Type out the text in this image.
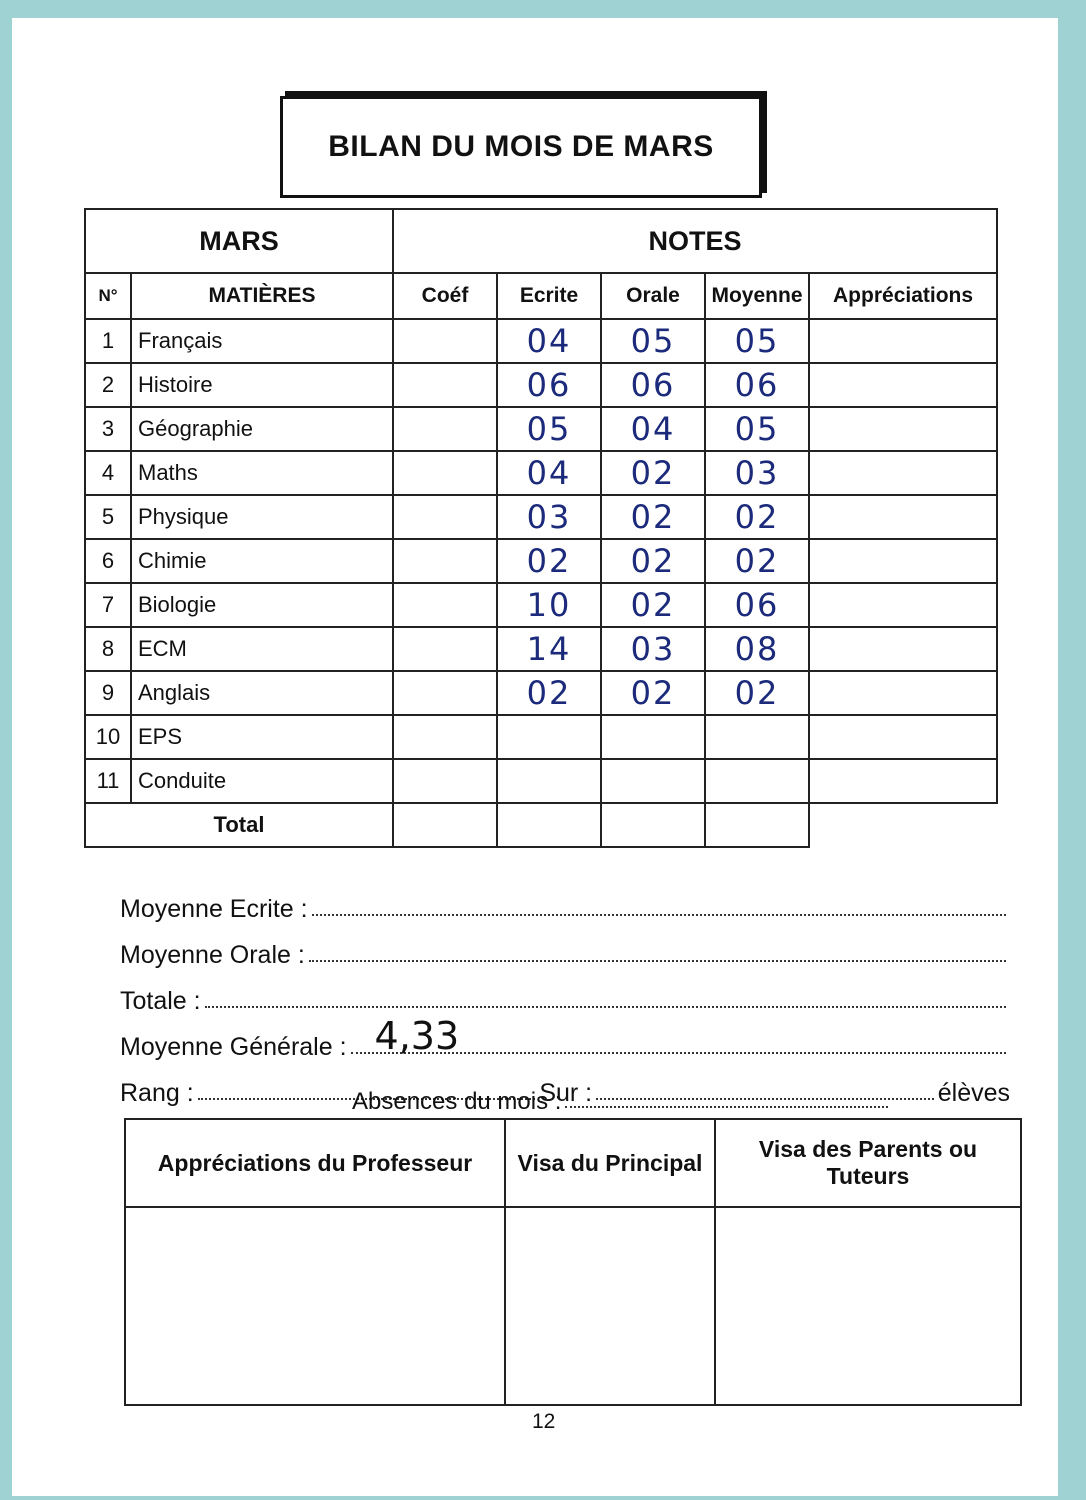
BILAN DU MOIS DE MARS
MARS		NOTES				
N°	MATIÈRES	Coéf	Ecrite	Orale	Moyenne	Appréciations
1	Français		04	05	05	
2	Histoire		06	06	06	
3	Géographie		05	04	05	
4	Maths		04	02	03	
5	Physique		03	02	02	
6	Chimie		02	02	02	
7	Biologie		10	02	06	
8	ECM		14	03	08	
9	Anglais		02	02	02	
10	EPS					
11	Conduite					
Total						
Moyenne Ecrite :
Moyenne Orale :
Totale :
Moyenne Générale : 4,33
Rang :	Sur :	élèves
Absences du mois :
Appréciations du Professeur	Visa du Principal	Visa des Parents ou Tuteurs

12
